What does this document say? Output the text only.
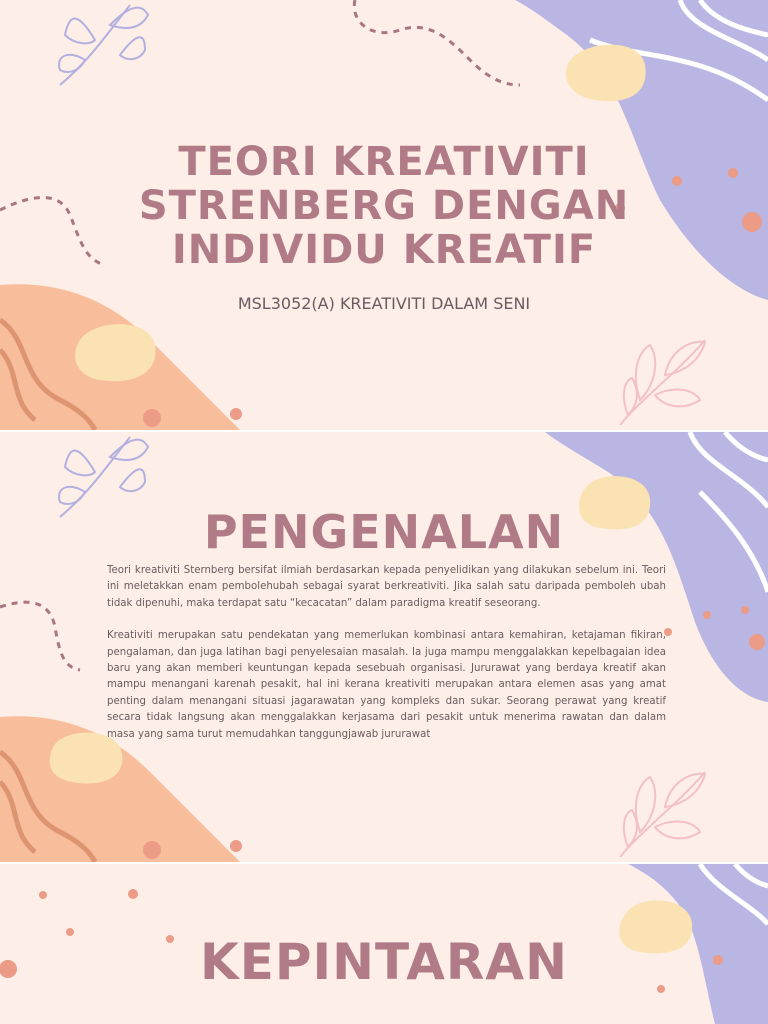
TEORI KREATIVITI
STRENBERG DENGAN
INDIVIDU KREATIF
MSL3052(A) KREATIVITI DALAM SENI
PENGENALAN

Teori kreativiti Sternberg bersifat ilmiah berdasarkan kepada penyelidikan yang dilakukan sebelum ini. Teori ini meletakkan enam pembolehubah sebagai syarat berkreativiti. Jika salah satu daripada pemboleh ubah tidak dipenuhi, maka terdapat satu “kecacatan” dalam paradigma kreatif seseorang.

Kreativiti merupakan satu pendekatan yang memerlukan kombinasi antara kemahiran, ketajaman fikiran, pengalaman, dan juga latihan bagi penyelesaian masalah. Ia juga mampu menggalakkan kepelbagaian idea baru yang akan memberi keuntungan kepada sesebuah organisasi. Jururawat yang berdaya kreatif akan mampu menangani karenah pesakit, hal ini kerana kreativiti merupakan antara elemen asas yang amat penting dalam menangani situasi jagarawatan yang kompleks dan sukar. Seorang perawat yang kreatif secara tidak langsung akan menggalakkan kerjasama dari pesakit untuk menerima rawatan dan dalam masa yang sama turut memudahkan tanggungjawab jururawat

KEPINTARAN
